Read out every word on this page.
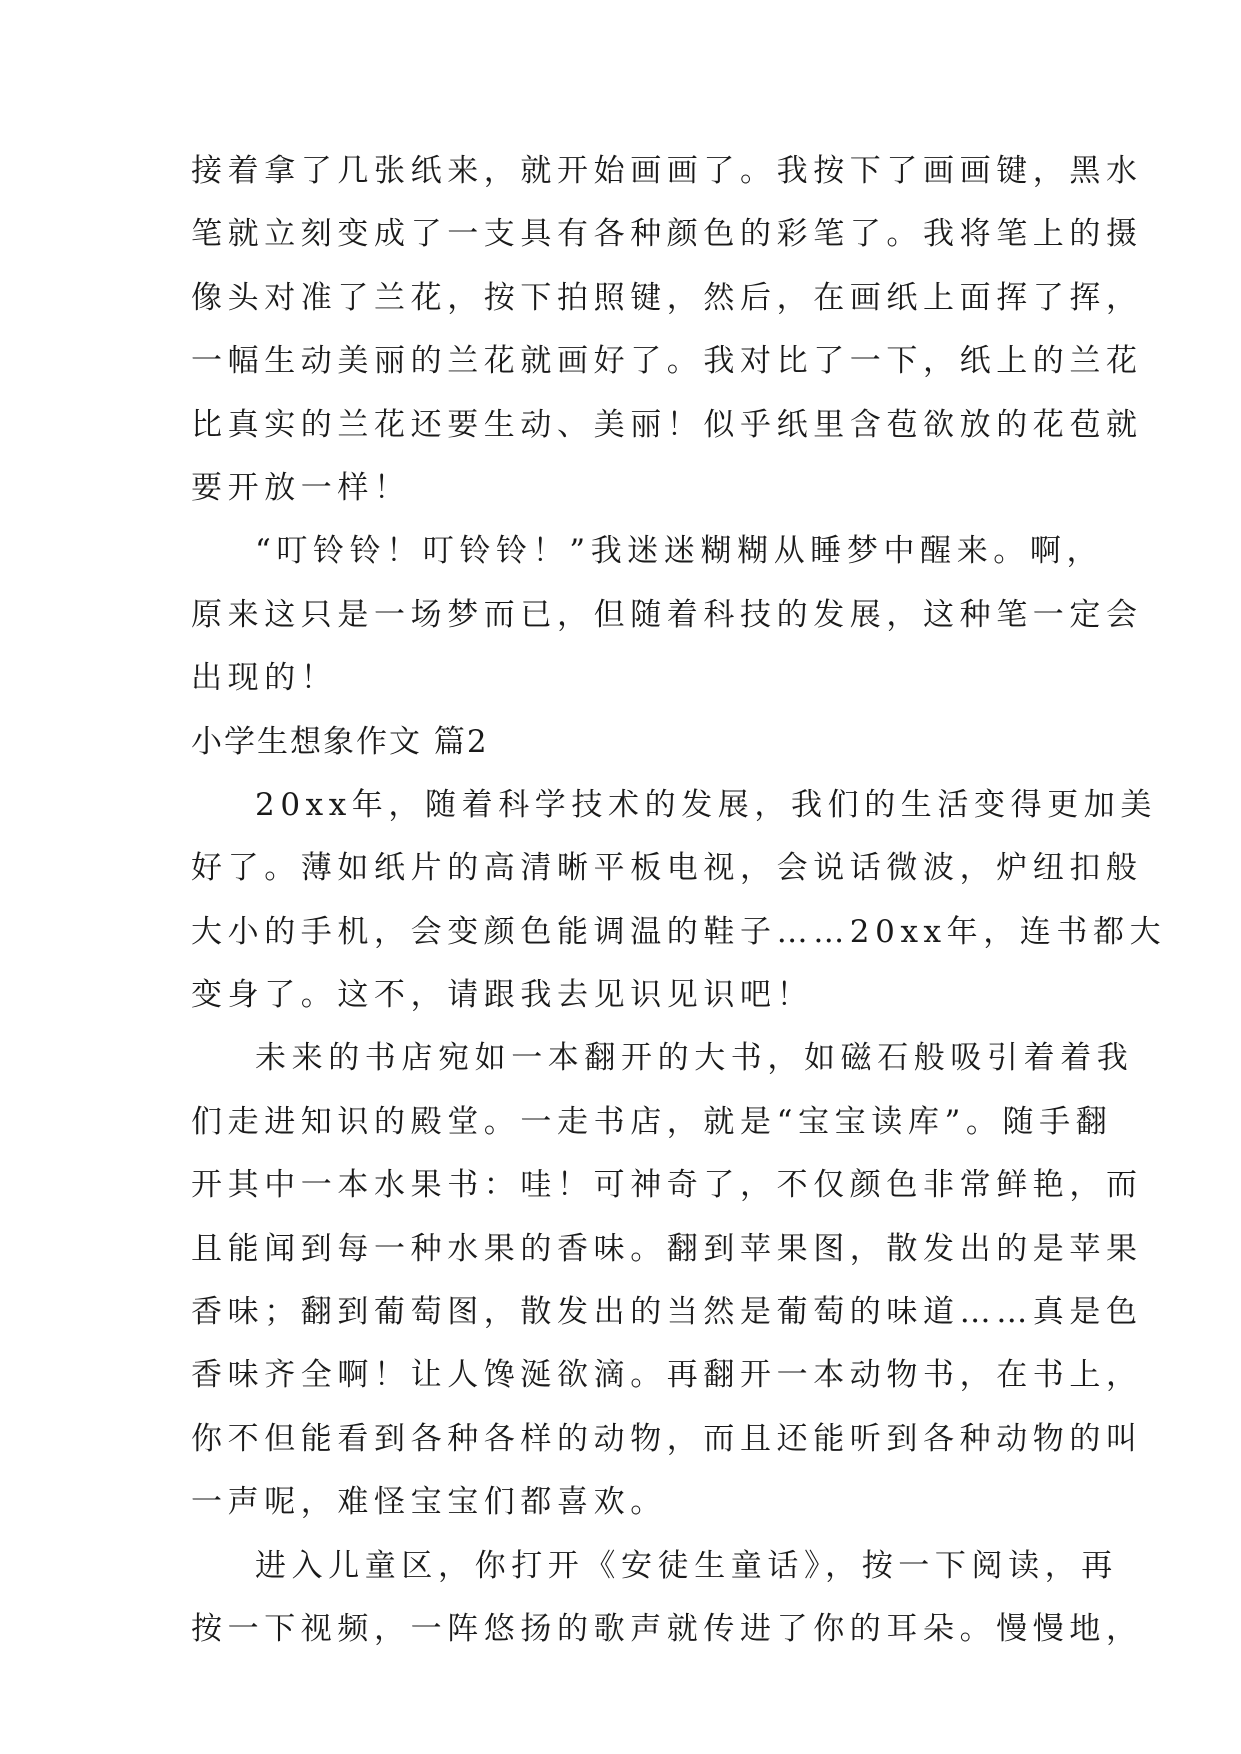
接着拿了几张纸来，就开始画画了。我按下了画画键，黑水
笔就立刻变成了一支具有各种颜色的彩笔了。我将笔上的摄
像头对准了兰花，按下拍照键，然后，在画纸上面挥了挥，
一幅生动美丽的兰花就画好了。我对比了一下，纸上的兰花
比真实的兰花还要生动、美丽！似乎纸里含苞欲放的花苞就
要开放一样！
“叮铃铃！叮铃铃！”我迷迷糊糊从睡梦中醒来。啊，
原来这只是一场梦而已，但随着科技的发展，这种笔一定会
出现的！
小学生想象作文 篇2
20xx年，随着科学技术的发展，我们的生活变得更加美
好了。薄如纸片的高清晰平板电视，会说话微波，炉纽扣般
大小的手机，会变颜色能调温的鞋子……20xx年，连书都大
变身了。这不，请跟我去见识见识吧！
未来的书店宛如一本翻开的大书，如磁石般吸引着着我
们走进知识的殿堂。一走书店，就是“宝宝读库”。随手翻
开其中一本水果书：哇！可神奇了，不仅颜色非常鲜艳，而
且能闻到每一种水果的香味。翻到苹果图，散发出的是苹果
香味；翻到葡萄图，散发出的当然是葡萄的味道……真是色
香味齐全啊！让人馋涎欲滴。再翻开一本动物书，在书上，
你不但能看到各种各样的动物，而且还能听到各种动物的叫
一声呢，难怪宝宝们都喜欢。
进入儿童区，你打开《安徒生童话》，按一下阅读，再
按一下视频，一阵悠扬的歌声就传进了你的耳朵。慢慢地，
